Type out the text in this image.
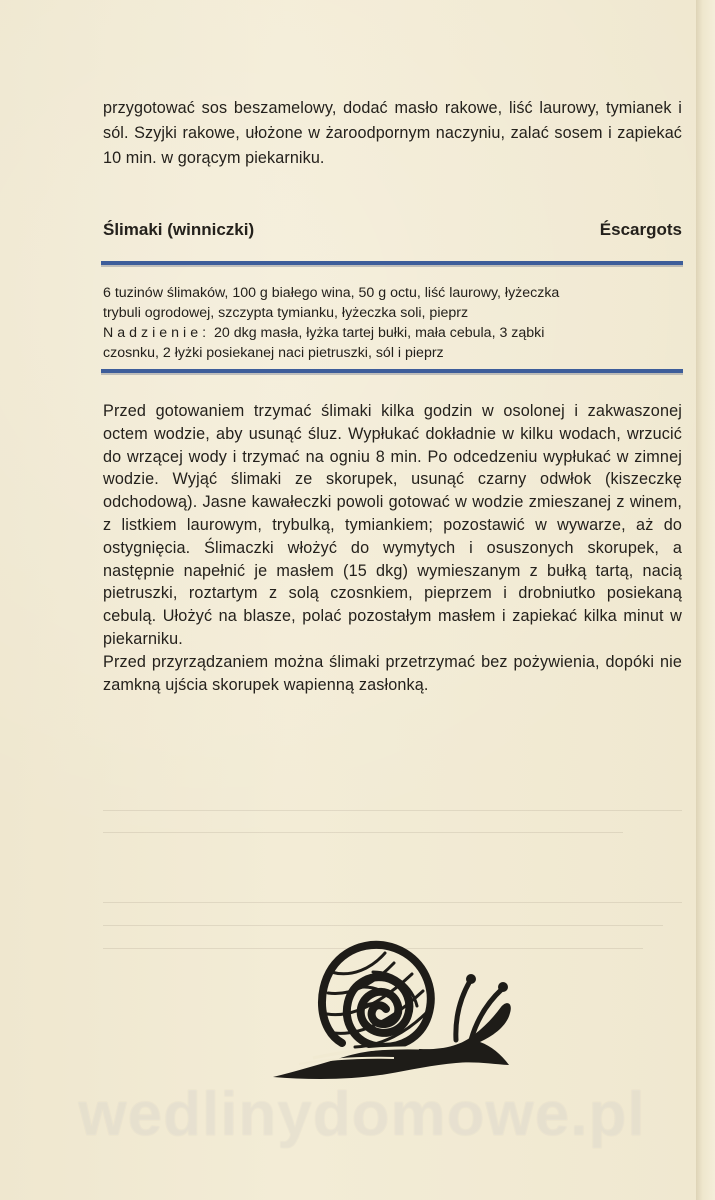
przygotować sos beszamelowy, dodać masło rakowe, liść laurowy, tymianek i sól. Szyjki rakowe, ułożone w żaroodpornym naczyniu, zalać sosem i zapiekać 10 min. w gorącym piekarniku.

Ślimaki (winniczki)	Éscargots
6 tuzinów ślimaków, 100 g białego wina, 50 g octu, liść laurowy, łyżeczka
trybuli ogrodowej, szczypta tymianku, łyżeczka soli, pieprz
Nadzienie: 20 dkg masła, łyżka tartej bułki, mała cebula, 3 ząbki
czosnku, 2 łyżki posiekanej naci pietruszki, sól i pieprz

Przed gotowaniem trzymać ślimaki kilka godzin w osolonej i zakwaszonej octem wodzie, aby usunąć śluz. Wypłukać dokładnie w kilku wodach, wrzucić do wrzącej wody i trzymać na ogniu 8 min. Po odcedzeniu wypłukać w zimnej wodzie. Wyjąć ślimaki ze skorupek, usunąć czarny odwłok (kiszeczkę odchodową). Jasne kawałeczki powoli gotować w wodzie zmieszanej z winem, z listkiem laurowym, trybulką, tymiankiem; pozostawić w wywarze, aż do ostygnięcia. Ślimaczki włożyć do wymytych i osuszonych skorupek, a następnie napełnić je masłem (15 dkg) wymieszanym z bułką tartą, nacią pietruszki, roztartym z solą czosnkiem, pieprzem i drobniutko posiekaną cebulą. Ułożyć na blasze, polać pozostałym masłem i zapiekać kilka minut w piekarniku.

Przed przyrządzaniem można ślimaki przetrzymać bez pożywienia, dopóki nie zamkną ujścia skorupek wapienną zasłonką.

wedlinydomowe.pl
